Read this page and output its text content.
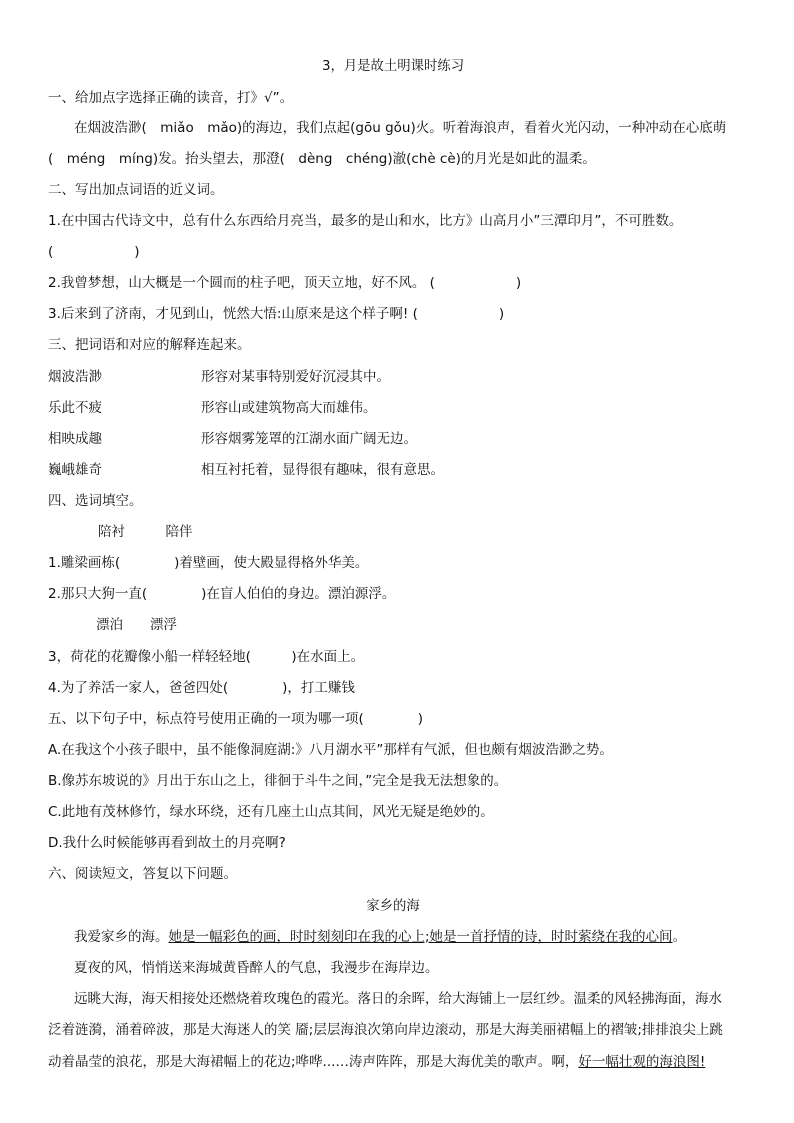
3，月是故土明课时练习
一、给加点字选择正确的读音，打》√”。
在烟波浩渺(　miǎo　mǎo)的海边，我们点起(gōu gǒu)火。听着海浪声，看着火光闪动，一种冲动在心底萌
(　méng　míng)发。抬头望去，那澄(　dèng　chéng)澈(chè cè)的月光是如此的温柔。
二、写出加点词语的近义词。
1.在中国古代诗文中，总有什么东西给月亮当，最多的是山和水，比方》山高月小”三潭印月”，不可胜数。
(　　　　　　)
2.我曾梦想，山大概是一个圆而的柱子吧，顶天立地，好不风。 (　　　　　　)
3.后来到了济南，才见到山，恍然大悟:山原来是这个样子啊! (　　　　　　)
三、把词语和对应的解释连起来。
烟波浩渺	形容对某事特别爱好沉浸其中。
乐此不疲	形容山或建筑物高大而雄伟。
相映成趣	形容烟雾笼罩的江湖水面广阔无边。
巍峨雄奇	相互衬托着，显得很有趣味，很有意思。
四、选词填空。
陪衬　　　陪伴
1.雕梁画栋(　　　　)着壁画，使大殿显得格外华美。
2.那只大狗一直(　　　　)在盲人伯伯的身边。漂泊源浮。
漂泊　　漂浮
3，荷花的花瓣像小船一样轻轻地(　　　)在水面上。
4.为了养活一家人，爸爸四处(　　　　)，打工赚钱
五、以下句子中，标点符号使用正确的一项为哪一项(　　　　)
A.在我这个小孩子眼中，虽不能像洞庭湖:》八月湖水平”那样有气派，但也颇有烟波浩渺之势。
B.像苏东坡说的》月出于东山之上，徘徊于斗牛之间，”完全是我无法想象的。
C.此地有茂林修竹，绿水环绕，还有几座土山点其间，风光无疑是绝妙的。
D.我什么时候能够再看到故土的月亮啊?
六、阅读短文，答复以下问题。
家乡的海
我爱家乡的海。她是一幅彩色的画，时时刻刻印在我的心上;她是一首抒情的诗，时时萦绕在我的心间。
夏夜的风，悄悄送来海城黄昏醉人的气息，我漫步在海岸边。
远眺大海，海天相接处还燃烧着玫瑰色的霞光。落日的余晖，给大海铺上一层红纱。温柔的风轻拂海面，海水
泛着涟漪，涌着碎波，那是大海迷人的笑 靥;层层海浪次第向岸边滚动，那是大海美丽裙幅上的褶皱;排排浪尖上跳
动着晶莹的浪花，那是大海裙幅上的花边;哗哗...…涛声阵阵，那是大海优美的歌声。啊，好一幅壮观的海浪图!
